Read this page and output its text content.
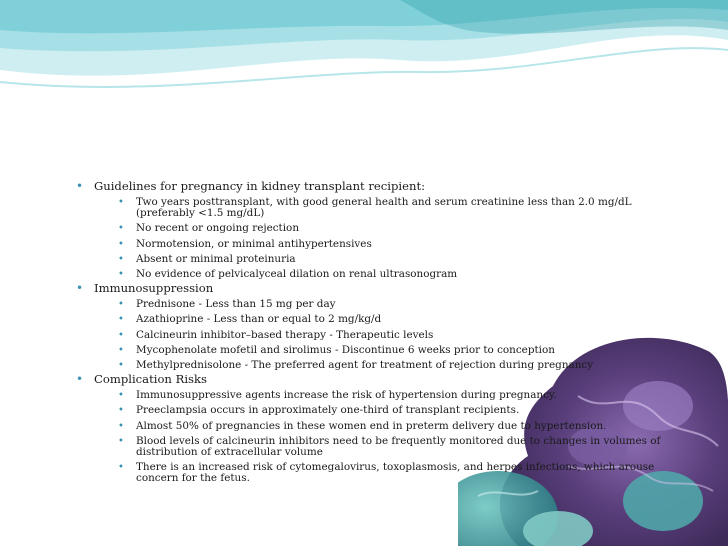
• Guidelines for pregnancy in kidney transplant recipient:
• Two years posttransplant, with good general health and serum creatinine less than 2.0 mg/dL (preferably <1.5 mg/dL)
• No recent or ongoing rejection
• Normotension, or minimal antihypertensives
• Absent or minimal proteinuria
• No evidence of pelvicalyceal dilation on renal ultrasonogram
• Immunosuppression
• Prednisone - Less than 15 mg per day
• Azathioprine - Less than or equal to 2 mg/kg/d
• Calcineurin inhibitor–based therapy - Therapeutic levels
• Mycophenolate mofetil and sirolimus - Discontinue 6 weeks prior to conception
• Methylprednisolone - The preferred agent for treatment of rejection during pregnancy
• Complication Risks
• Immunosuppressive agents increase the risk of hypertension during pregnancy.
• Preeclampsia occurs in approximately one-third of transplant recipients.
• Almost 50% of pregnancies in these women end in preterm delivery due to hypertension.
• Blood levels of calcineurin inhibitors need to be frequently monitored due to changes in volumes of distribution of extracellular volume
• There is an increased risk of cytomegalovirus, toxoplasmosis, and herpes infections, which arouse concern for the fetus.
